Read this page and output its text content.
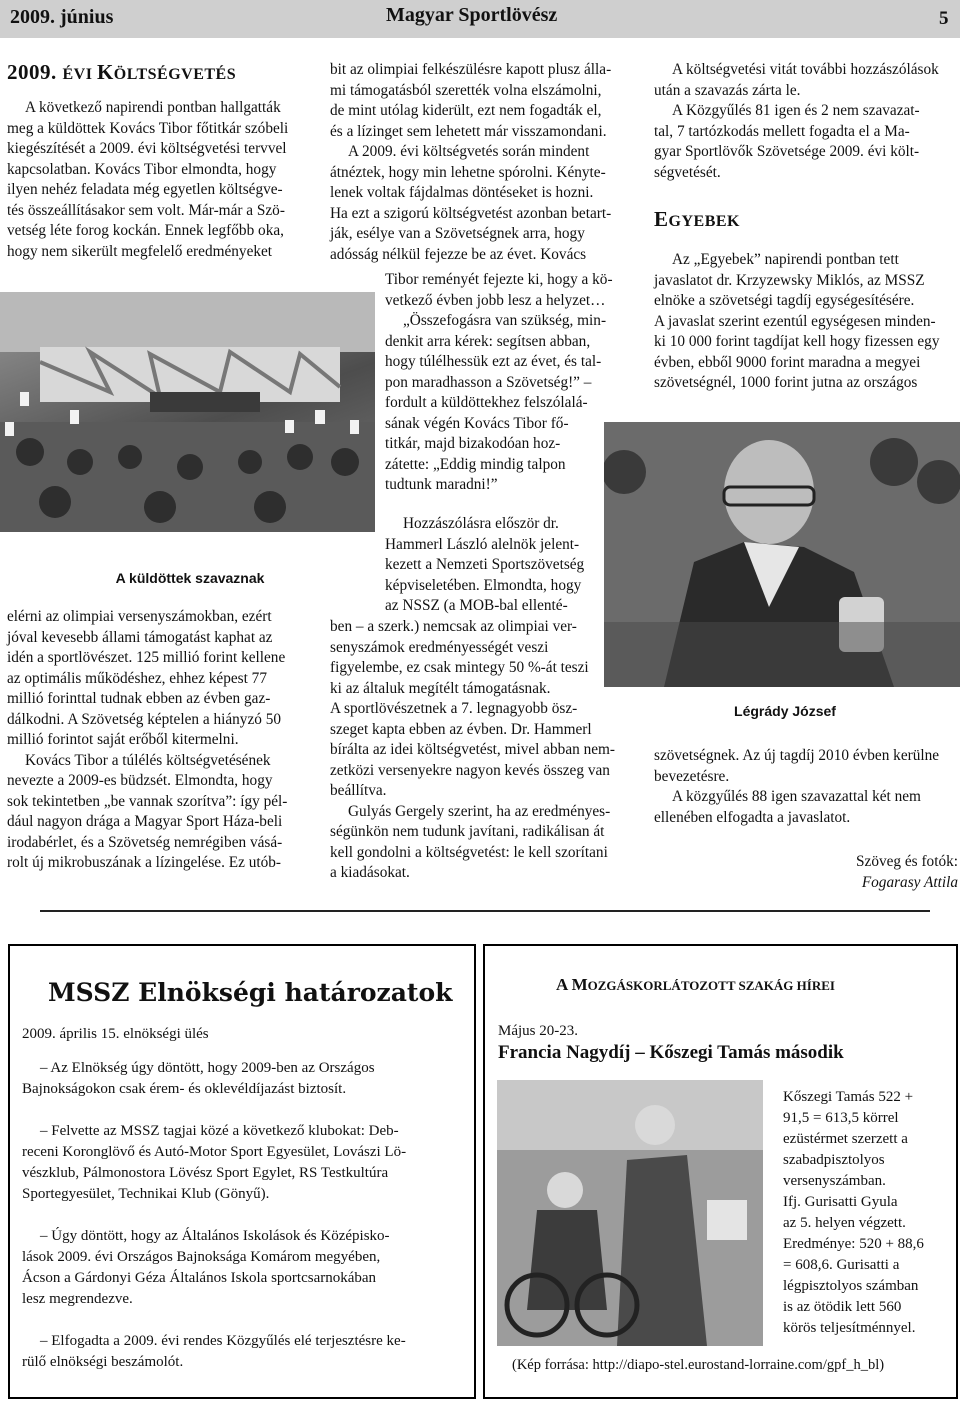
2009. június	Magyar Sportlövész	5
2009. ÉVI KÖLTSÉGVETÉS
A következő napirendi pontban hallgatták
meg a küldöttek Kovács Tibor főtitkár szóbeli
kiegészítését a 2009. évi költségvetési tervvel
kapcsolatban. Kovács Tibor elmondta, hogy
ilyen nehéz feladata még egyetlen költségve-
tés összeállításakor sem volt. Már-már a Szö-
vetség léte forog kockán. Ennek legfőbb oka,
hogy nem sikerült megfelelő eredményeket
A küldöttek szavaznak
elérni az olimpiai versenyszámokban, ezért
jóval kevesebb állami támogatást kaphat az
idén a sportlövészet. 125 millió forint kellene
az optimális működéshez, ehhez képest 77
millió forinttal tudnak ebben az évben gaz-
dálkodni. A Szövetség képtelen a hiányzó 50
millió forintot saját erőből kitermelni.
Kovács Tibor a túlélés költségvetésének
nevezte a 2009-es büdzsét. Elmondta, hogy
sok tekintetben „be vannak szorítva”: így pél-
dául nagyon drága a Magyar Sport Háza-beli
irodabérlet, és a Szövetség nemrégiben vásá-
rolt új mikrobuszának a lízingelése. Ez utób-
bit az olimpiai felkészülésre kapott plusz álla-
mi támogatásból szerették volna elszámolni,
de mint utólag kiderült, ezt nem fogadták el,
és a lízinget sem lehetett már visszamondani.
A 2009. évi költségvetés során mindent
átnéztek, hogy min lehetne spórolni. Kényte-
lenek voltak fájdalmas döntéseket is hozni.
Ha ezt a szigorú költségvetést azonban betart-
ják, esélye van a Szövetségnek arra, hogy
adósság nélkül fejezze be az évet. Kovács
Tibor reményét fejezte ki, hogy a kö-
vetkező évben jobb lesz a helyzet…
„Összefogásra van szükség, min-
denkit arra kérek: segítsen abban,
hogy túlélhessük ezt az évet, és tal-
pon maradhasson a Szövetség!” –
fordult a küldöttekhez felszólalá-
sának végén Kovács Tibor fő-
titkár, majd bizakodóan hoz-
zátette: „Eddig mindig talpon
tudtunk maradni!”
Hozzászólásra először dr.
Hammerl László alelnök jelent-
kezett a Nemzeti Sportszövetség
képviseletében. Elmondta, hogy
az NSSZ (a MOB-bal ellenté-
ben – a szerk.) nemcsak az olimpiai ver-
senyszámok eredményességét veszi
figyelembe, ez csak mintegy 50 %-át teszi
ki az általuk megítélt támogatásnak.
A sportlövészetnek a 7. legnagyobb ösz-
szeget kapta ebben az évben. Dr. Hammerl
bírálta az idei költségvetést, mivel abban nem-
zetközi versenyekre nagyon kevés összeg van
beállítva.
Gulyás Gergely szerint, ha az eredményes-
ségünkön nem tudunk javítani, radikálisan át
kell gondolni a költségvetést: le kell szorítani
a kiadásokat.
A költségvetési vitát további hozzászólások
után a szavazás zárta le.
A Közgyűlés 81 igen és 2 nem szavazat-
tal, 7 tartózkodás mellett fogadta el a Ma-
gyar Sportlövők Szövetsége 2009. évi költ-
ségvetését.
EGYEBEK
Az „Egyebek” napirendi pontban tett
javaslatot dr. Krzyzewsky Miklós, az MSSZ
elnöke a szövetségi tagdíj egységesítésére.
A javaslat szerint ezentúl egységesen minden-
ki 10 000 forint tagdíjat kell hogy fizessen egy
évben, ebből 9000 forint maradna a megyei
szövetségnél, 1000 forint jutna az országos
Légrády József
szövetségnek. Az új tagdíj 2010 évben kerülne
bevezetésre.
A közgyűlés 88 igen szavazattal két nem
ellenében elfogadta a javaslatot.
Szöveg és fotók:
Fogarasy Attila
MSSZ Elnökségi határozatok
2009. április 15. elnökségi ülés
– Az Elnökség úgy döntött, hogy 2009-ben az Országos
Bajnokságokon csak érem- és oklevéldíjazást biztosít.
– Felvette az MSSZ tagjai közé a következő klubokat: Deb-
receni Koronglövő és Autó-Motor Sport Egyesület, Lovászi Lö-
vészklub, Pálmonostora Lövész Sport Egylet, RS Testkultúra
Sportegyesület, Technikai Klub (Gönyű).
– Úgy döntött, hogy az Általános Iskolások és Középisko-
lások 2009. évi Országos Bajnoksága Komárom megyében,
Ácson a Gárdonyi Géza Általános Iskola sportcsarnokában
lesz megrendezve.
– Elfogadta a 2009. évi rendes Közgyűlés elé terjesztésre ke-
rülő elnökségi beszámolót.
A MOZGÁSKORLÁTOZOTT SZAKÁG HÍREI
Május 20-23.
Francia Nagydíj – Kőszegi Tamás második
Kőszegi Tamás 522 +
91,5 = 613,5 körrel
ezüstérmet szerzett a
szabadpisztolyos
versenyszámban.
Ifj. Gurisatti Gyula
az 5. helyen végzett.
Eredménye: 520 + 88,6
= 608,6. Gurisatti a
légpisztolyos számban
is az ötödik lett 560
körös teljesítménnyel.
(Kép forrása: http://diapo-stel.eurostand-lorraine.com/gpf_h_bl)
